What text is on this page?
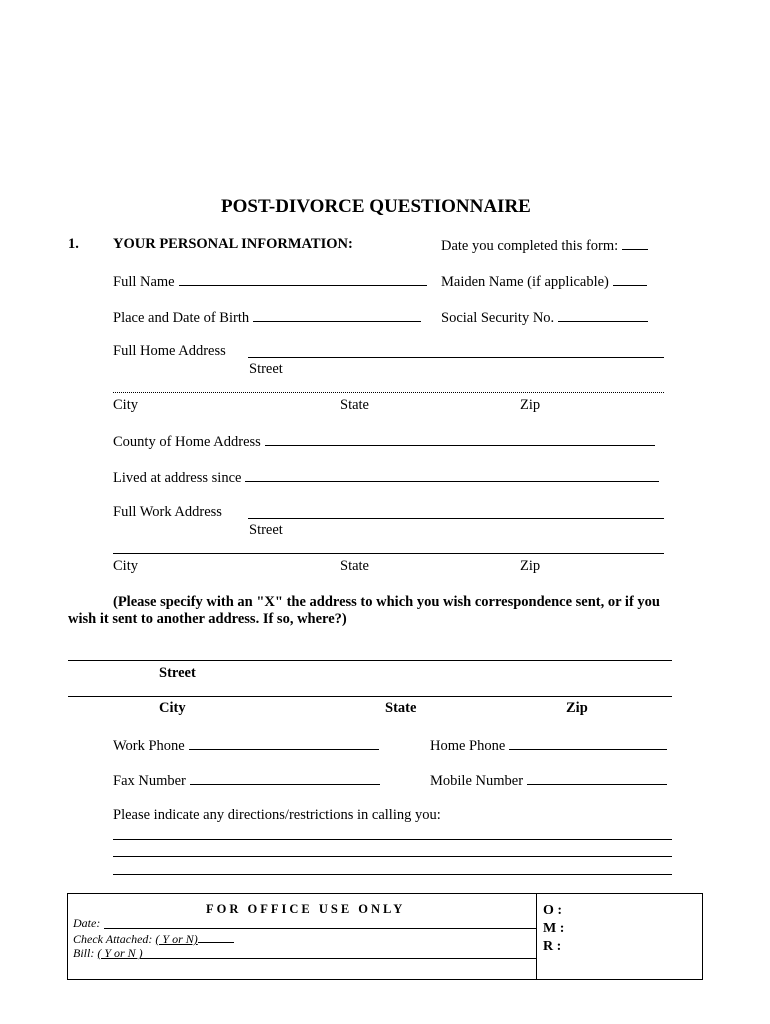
POST-DIVORCE QUESTIONNAIRE
1. YOUR PERSONAL INFORMATION:	Date you completed this form:
Full Name	Maiden Name (if applicable)
Place and Date of Birth	Social Security No.
Full Home Address
Street
City	State	Zip
County of Home Address
Lived at address since
Full Work Address
Street
City	State	Zip
(Please specify with an "X" the address to which you wish correspondence sent, or if you
wish it sent to another address. If so, where?)
Street
City	State	Zip
Work Phone	Home Phone
Fax Number	Mobile Number
Please indicate any directions/restrictions in calling you:
FOR OFFICE USE ONLY
Date:
Check Attached: ( Y or N)
Bill: ( Y or N )
O :
M :
R :
